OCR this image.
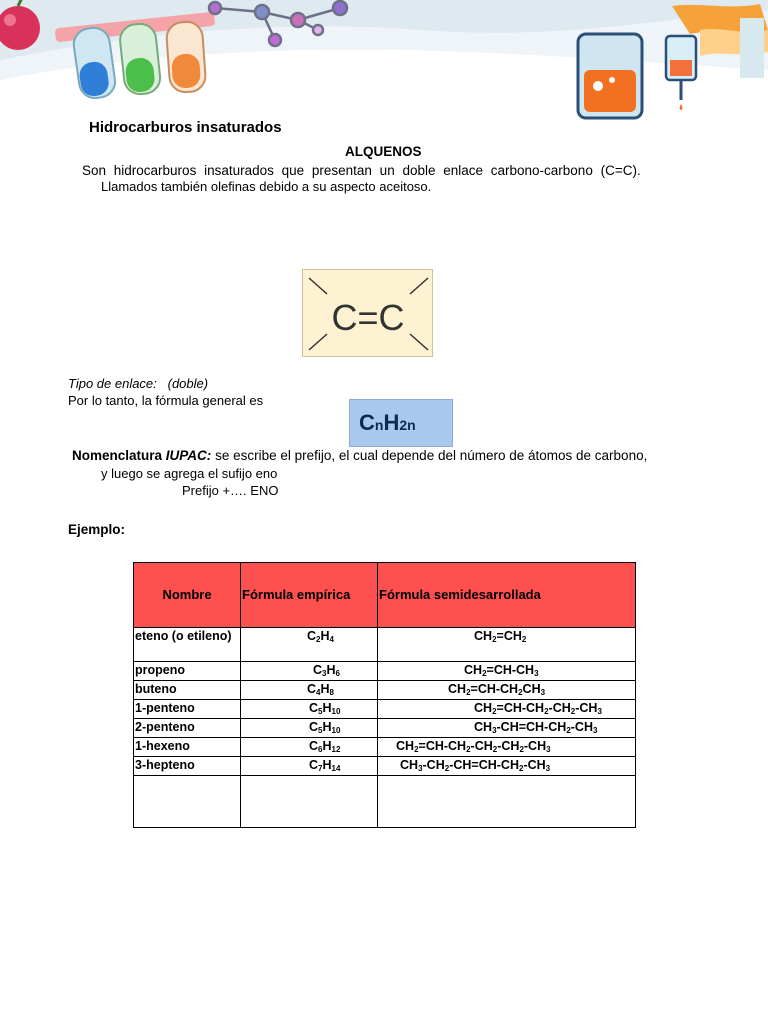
Hidrocarburos insaturados
ALQUENOS
Son hidrocarburos insaturados que presentan un doble enlace carbono-carbono (C=C).
Llamados también olefinas debido a su aspecto aceitoso.
C=C
Tipo de enlace: (doble)
Por lo tanto, la fórmula general es
CnH2n
Nomenclatura IUPAC: se escribe el prefijo, el cual depende del número de átomos de carbono,
y luego se agrega el sufijo eno
Prefijo +…. ENO
Ejemplo:
Nombre	Fórmula empírica	Fórmula semidesarrollada
eteno (o etileno)	$C_2H_4$	$CH_2=CH_2$
propeno	$C_3H_6$	$CH_2=CH-CH_3$
buteno	$C_4H_8$	$CH_2=CH-CH_2CH_3$
1-penteno	$C_5H_{10}$	$CH_2=CH-CH_2-CH_2-CH_3$
2-penteno	$C_5H_{10}$	$CH_3-CH=CH-CH_2-CH_3$
1-hexeno	$C_6H_{12}$	$CH_2=CH-CH_2-CH_2-CH_2-CH_3$
3-hepteno	$C_7H_{14}$	$CH_3-CH_2-CH=CH-CH_2-CH_3$
